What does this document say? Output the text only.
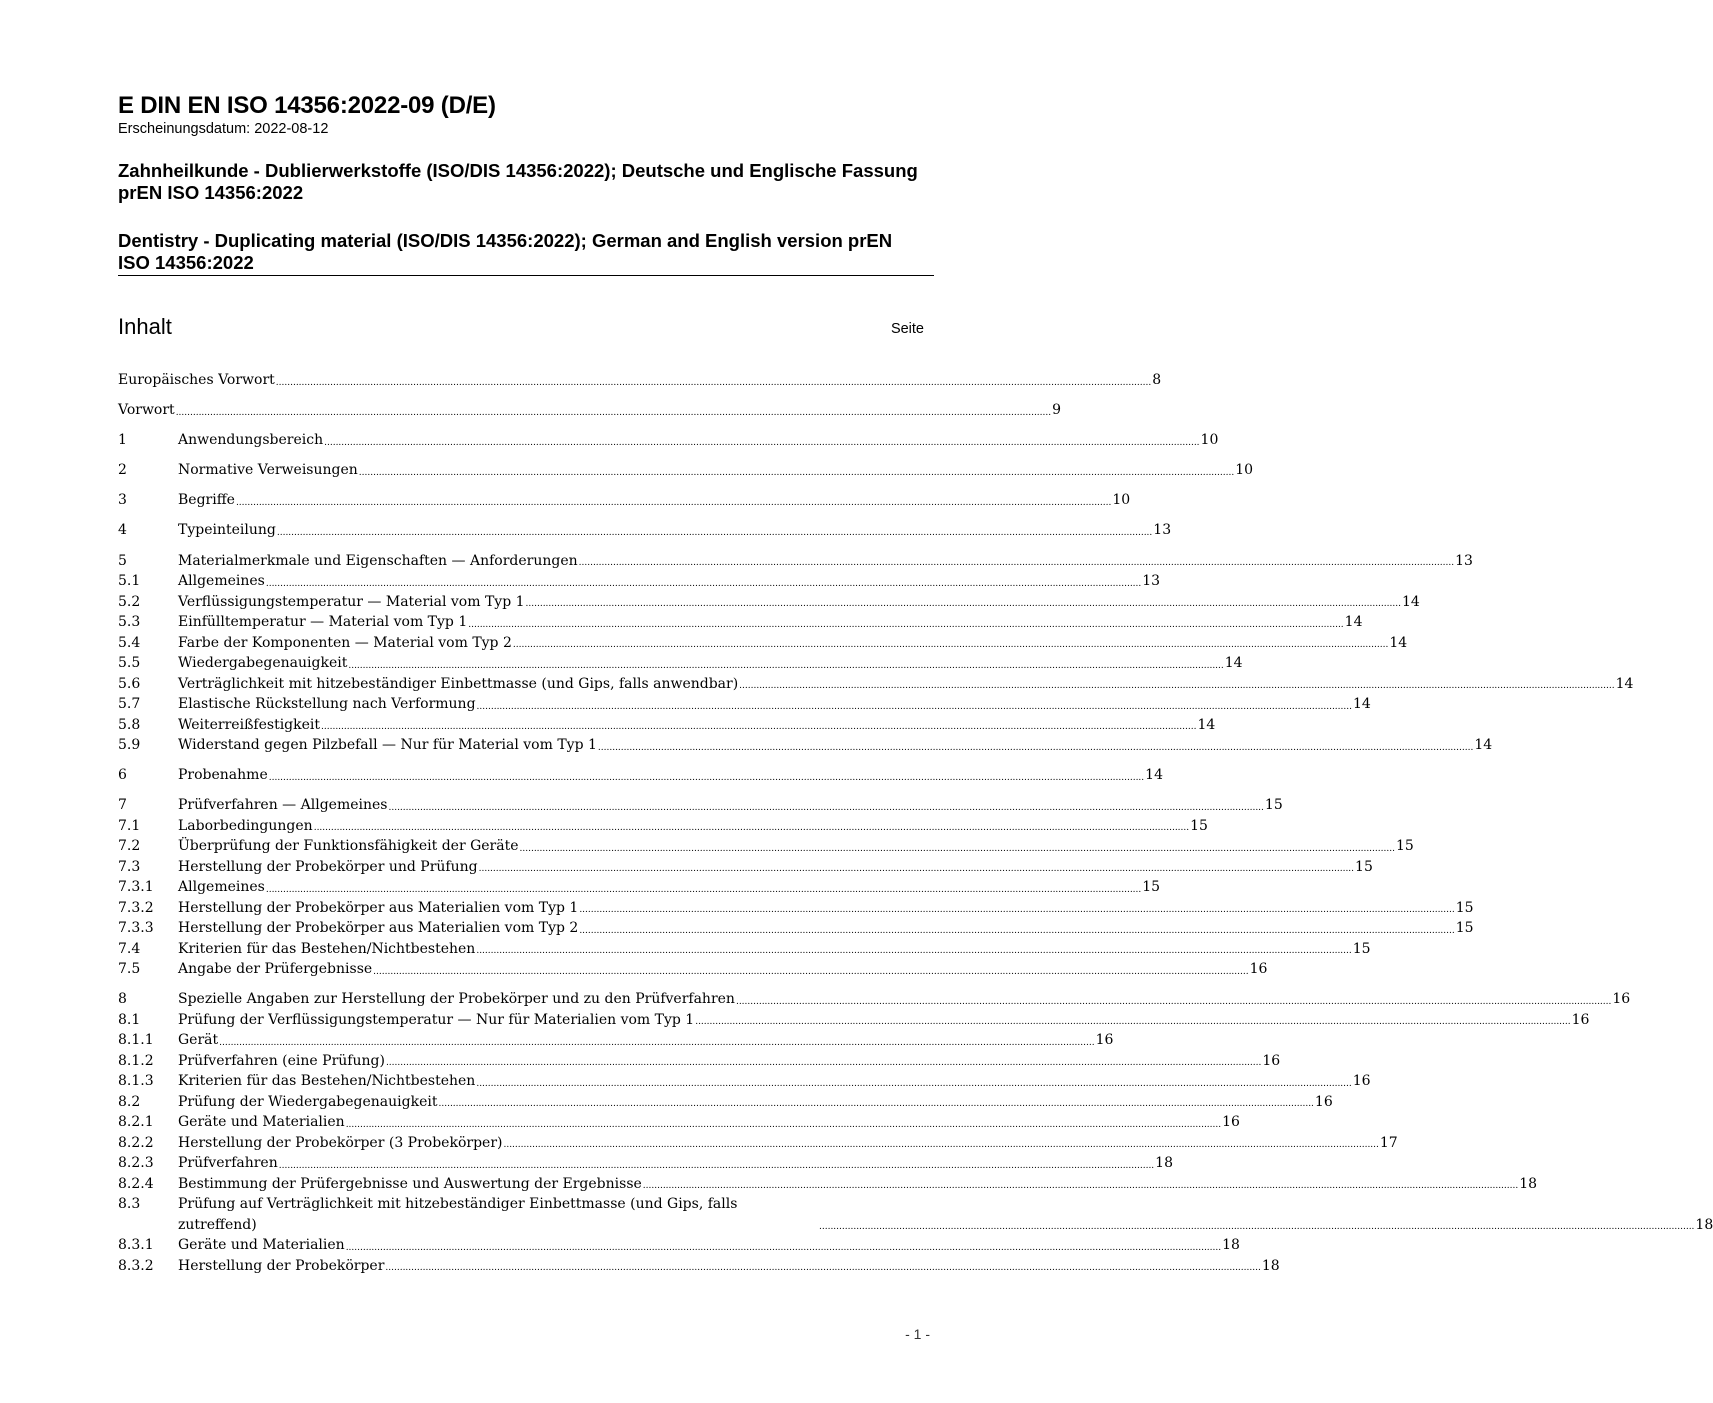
E DIN EN ISO 14356:2022-09 (D/E)
Erscheinungsdatum: 2022-08-12
Zahnheilkunde - Dublierwerkstoffe (ISO/DIS 14356:2022); Deutsche und Englische Fassung prEN ISO 14356:2022
Dentistry - Duplicating material (ISO/DIS 14356:2022); German and English version prEN ISO 14356:2022
Inhalt	Seite
Europäisches Vorwort .....	8
Vorwort .....	9
1	Anwendungsbereich .....	10
2	Normative Verweisungen .....	10
3	Begriffe .....	10
4	Typeinteilung .....	13
5	Materialmerkmale und Eigenschaften — Anforderungen .....	13
5.1	Allgemeines .....	13
5.2	Verflüssigungstemperatur — Material vom Typ 1 .....	14
5.3	Einfülltemperatur — Material vom Typ 1 .....	14
5.4	Farbe der Komponenten — Material vom Typ 2 .....	14
5.5	Wiedergabegenauigkeit .....	14
5.6	Verträglichkeit mit hitzebeständiger Einbettmasse (und Gips, falls anwendbar) .....	14
5.7	Elastische Rückstellung nach Verformung .....	14
5.8	Weiterreißfestigkeit .....	14
5.9	Widerstand gegen Pilzbefall — Nur für Material vom Typ 1 .....	14
6	Probenahme .....	14
7	Prüfverfahren — Allgemeines .....	15
7.1	Laborbedingungen .....	15
7.2	Überprüfung der Funktionsfähigkeit der Geräte .....	15
7.3	Herstellung der Probekörper und Prüfung .....	15
7.3.1	Allgemeines .....	15
7.3.2	Herstellung der Probekörper aus Materialien vom Typ 1 .....	15
7.3.3	Herstellung der Probekörper aus Materialien vom Typ 2 .....	15
7.4	Kriterien für das Bestehen/Nichtbestehen .....	15
7.5	Angabe der Prüfergebnisse .....	16
8	Spezielle Angaben zur Herstellung der Probekörper und zu den Prüfverfahren .....	16
8.1	Prüfung der Verflüssigungstemperatur — Nur für Materialien vom Typ 1 .....	16
8.1.1	Gerät .....	16
8.1.2	Prüfverfahren (eine Prüfung) .....	16
8.1.3	Kriterien für das Bestehen/Nichtbestehen .....	16
8.2	Prüfung der Wiedergabegenauigkeit .....	16
8.2.1	Geräte und Materialien .....	16
8.2.2	Herstellung der Probekörper (3 Probekörper) .....	17
8.2.3	Prüfverfahren .....	18
8.2.4	Bestimmung der Prüfergebnisse und Auswertung der Ergebnisse .....	18
8.3	Prüfung auf Verträglichkeit mit hitzebeständiger Einbettmasse (und Gips, falls zutreffend) .....	18
8.3.1	Geräte und Materialien .....	18
8.3.2	Herstellung der Probekörper .....	18
- 1 -
